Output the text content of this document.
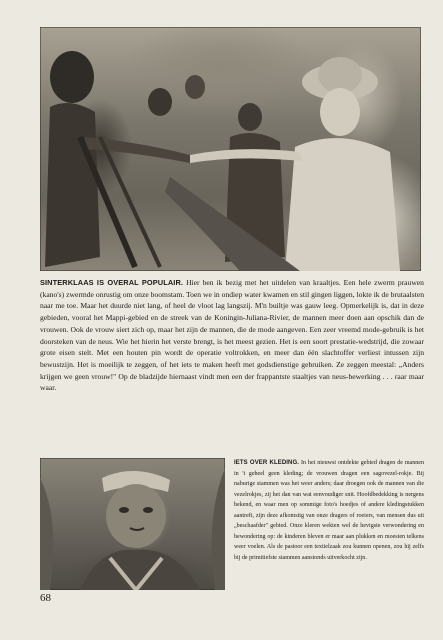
SINTERKLAAS IS OVERAL POPULAIR. Hier ben ik bezig met het uitdelen van kraaltjes. Een hele zwerm prauwen (kano's) zwermde onrustig om onze boomstam. Toen we in ondiep water kwamen en stil gingen liggen, lokte ik de brutaalsten naar me toe. Maar het duurde niet lang, of heel de vloot lag langszij. M'n builtje was gauw leeg. Opmerkelijk is, dat in deze gebieden, vooral het Mappi-gebied en de streek van de Koningin-Juliana-Rivier, de mannen meer doen aan opschik dan de vrouwen. Ook de vrouw siert zich op, maar het zijn de mannen, die de mode aangeven. Een zeer vreemd mode-gebruik is het doorsteken van de neus. Wie het hierin het verste brengt, is het meest gezien. Het is een soort prestatie-wedstrijd, die zowaar grote eisen stelt. Met een houten pin wordt de operatie voltrokken, en meer dan één slachtoffer verliest intussen zijn bewustzijn. Het is moeilijk te zeggen, of het iets te maken heeft met godsdienstige gebruiken. Ze zeggen meestal: „Anders krijgen we geen vrouw!" Op de bladzijde hiernaast vindt men een der frappantste staaltjes van neus-bewerking . . . raar maar waar.

IETS OVER KLEDING. In het nieuwst ontdekte gebied dragen de mannen in 't geheel geen kleding; de vrouwen dragen een sagovezel-rokje. Bij naburige stammen was het weer anders; daar droegen ook de mannen van die vezelrokjes, zij het dan van wat eenvoudiger snit. Hoofdbedekking is nergens bekend, en waar men op sommige foto's hoedjes of andere kledingstukken aantreft, zijn deze afkomstig van onze dragers of roeiers, van mensen dus uit „beschaafder" gebied. Onze kleren wekten wel de hevigste verwondering en bewondering op: de kinderen bleven er maar aan plukken en moesten telkens weer voelen. Als de pastoor een textielzaak zou kunnen openen, zou hij zelfs bij de primitiefste stammen aanstonds uitverkocht zijn.

68
